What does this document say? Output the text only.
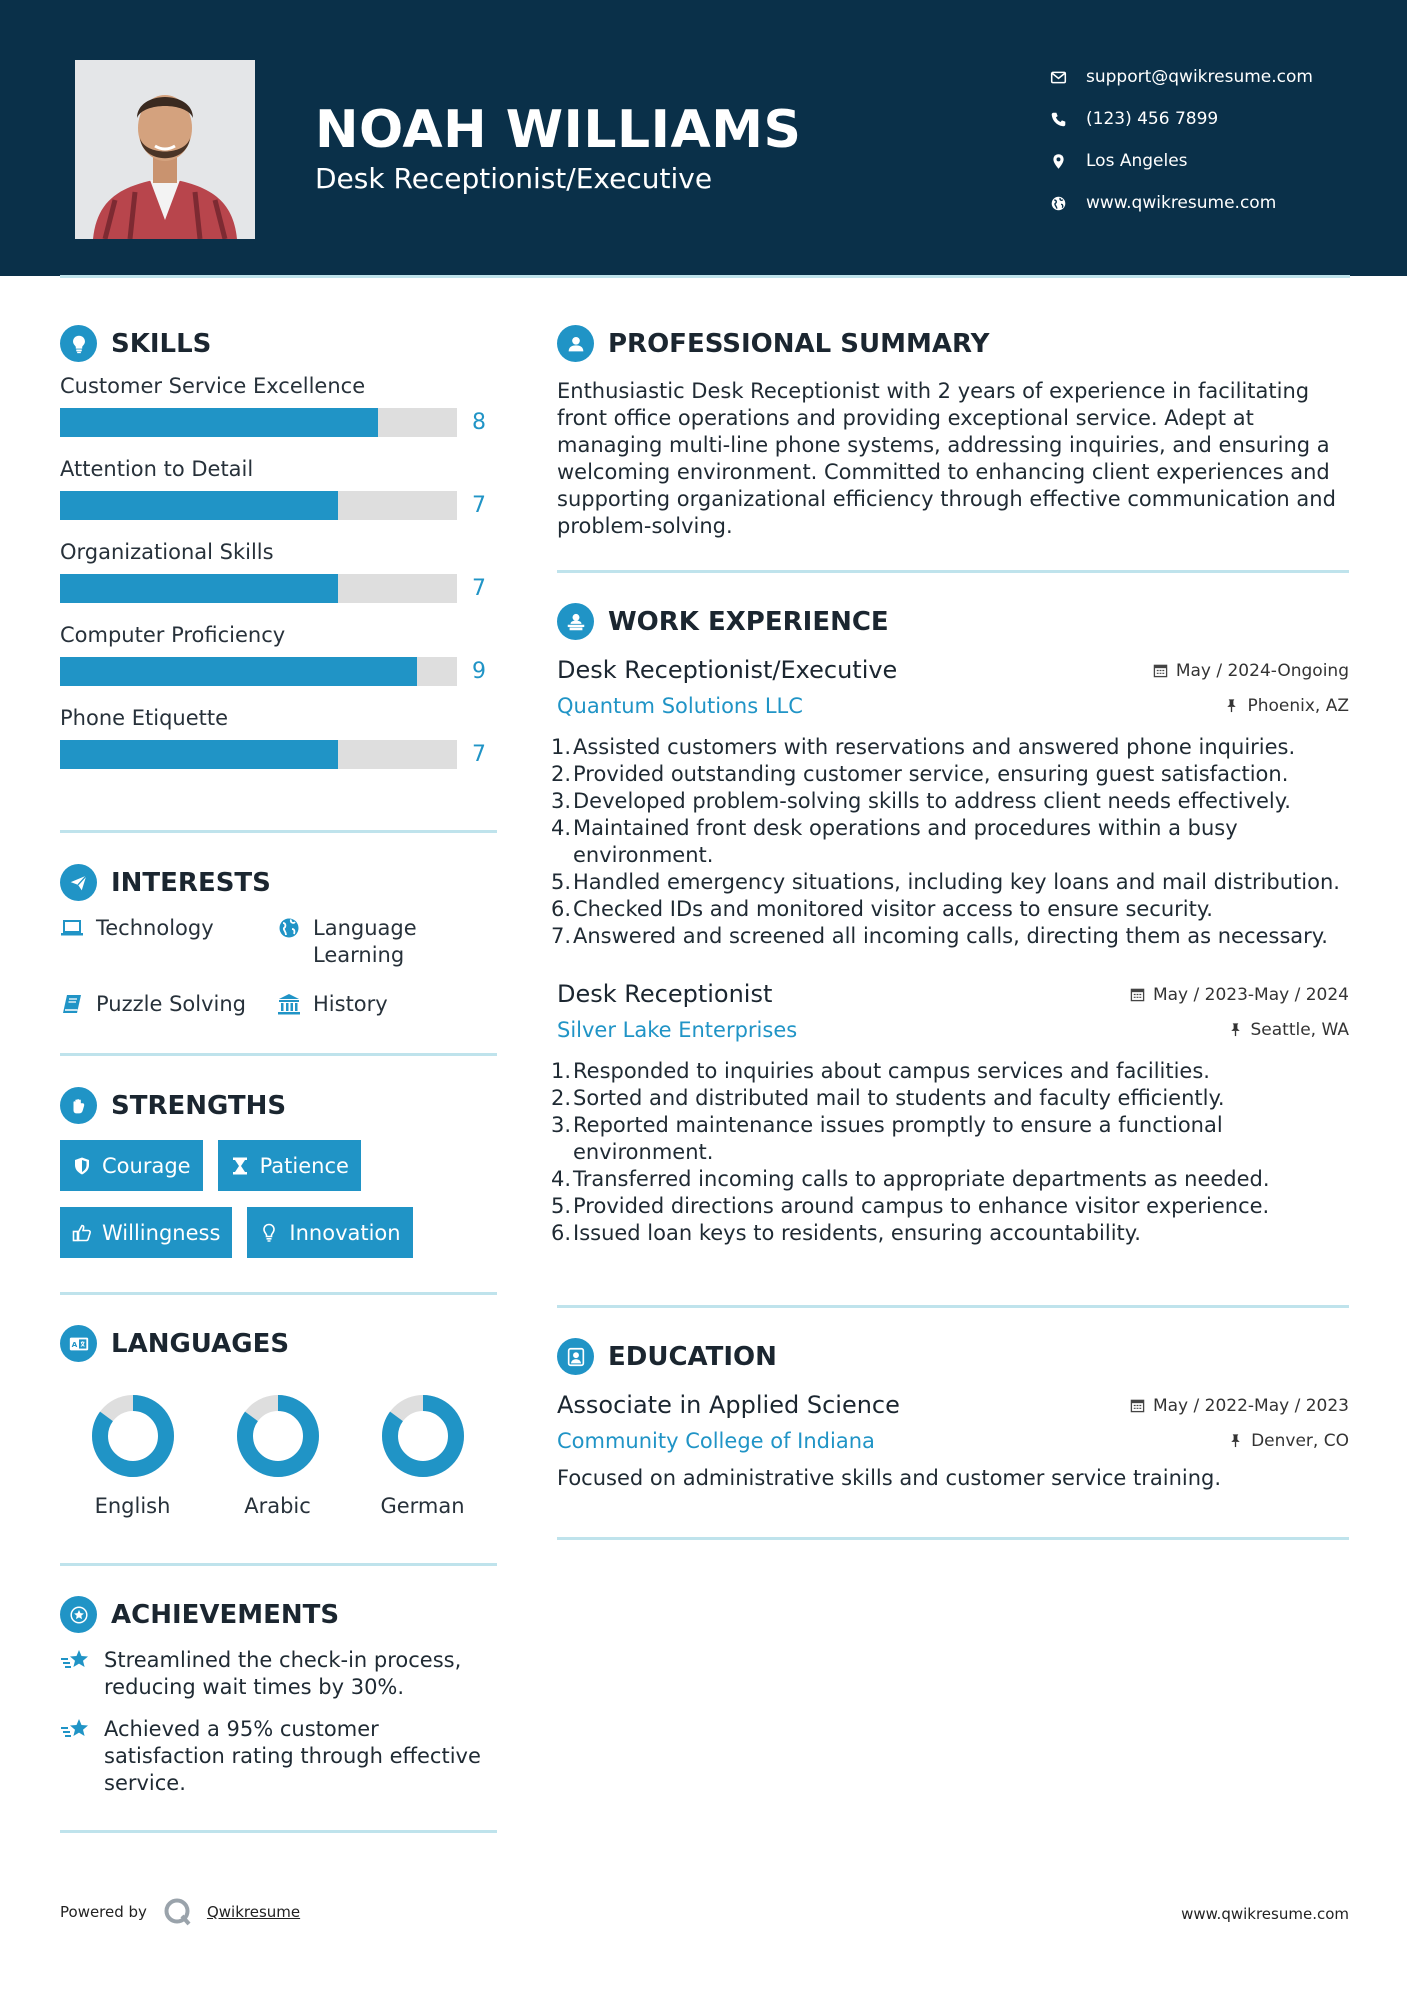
NOAH WILLIAMS
Desk Receptionist/Executive
support@qwikresume.com
(123) 456 7899
Los Angeles
www.qwikresume.com
SKILLS
Customer Service Excellence
8
Attention to Detail
7
Organizational Skills
7
Computer Proficiency
9
Phone Etiquette
7
INTERESTS
Technology	Language Learning
Puzzle Solving	History
STRENGTHS
Courage	Patience
Willingness	Innovation
A LANGUAGES
English	Arabic	German
ACHIEVEMENTS
Streamlined the check-in process, reducing wait times by 30%.
Achieved a 95% customer satisfaction rating through effective service.
PROFESSIONAL SUMMARY

Enthusiastic Desk Receptionist with 2 years of experience in facilitating front office operations and providing exceptional service. Adept at managing multi-line phone systems, addressing inquiries, and ensuring a welcoming environment. Committed to enhancing client experiences and supporting organizational efficiency through effective communication and problem-solving.

WORK EXPERIENCE
Desk Receptionist/Executive	May / 2024-Ongoing
Quantum Solutions LLC	Phoenix, AZ
1. Assisted customers with reservations and answered phone inquiries.
2. Provided outstanding customer service, ensuring guest satisfaction.
3. Developed problem-solving skills to address client needs effectively.
4. Maintained front desk operations and procedures within a busy environment.
5. Handled emergency situations, including key loans and mail distribution.
6. Checked IDs and monitored visitor access to ensure security.
7. Answered and screened all incoming calls, directing them as necessary.
Desk Receptionist	May / 2023-May / 2024
Silver Lake Enterprises	Seattle, WA
1. Responded to inquiries about campus services and facilities.
2. Sorted and distributed mail to students and faculty efficiently.
3. Reported maintenance issues promptly to ensure a functional environment.
4. Transferred incoming calls to appropriate departments as needed.
5. Provided directions around campus to enhance visitor experience.
6. Issued loan keys to residents, ensuring accountability.
EDUCATION
Associate in Applied Science	May / 2022-May / 2023
Community College of Indiana	Denver, CO

Focused on administrative skills and customer service training.

Powered by	Qwikresume	www.qwikresume.com
